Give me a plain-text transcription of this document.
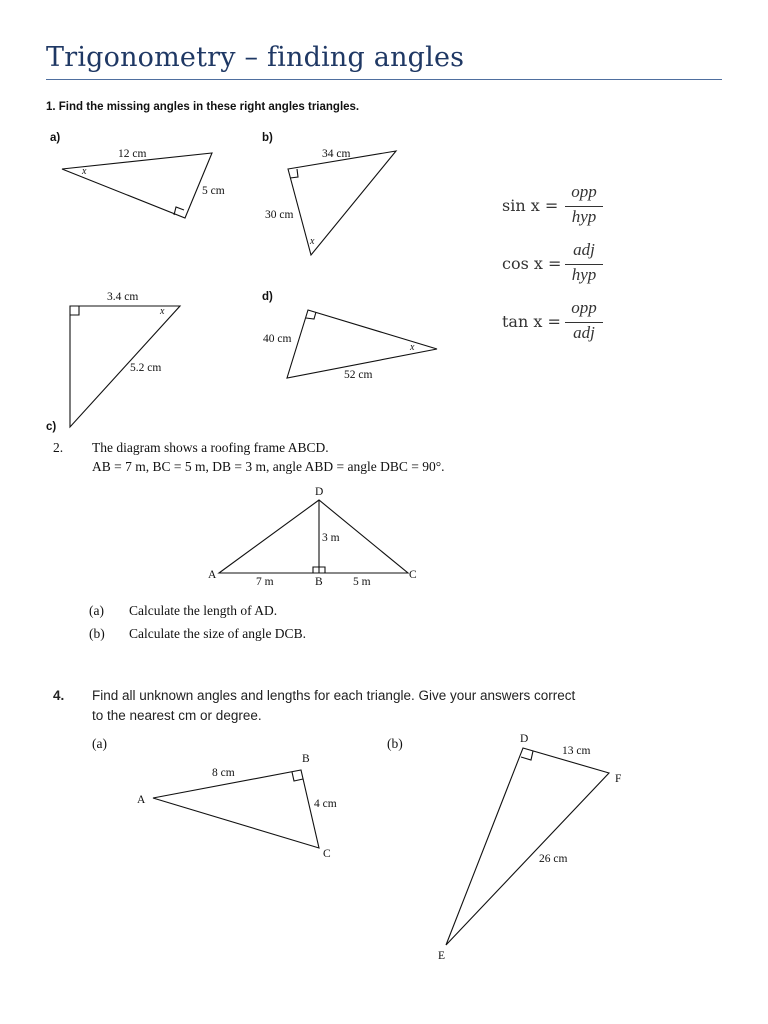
Trigonometry – finding angles
1. Find the missing angles in these right angles triangles.
a)	b)
c)
d)
12 cm
5 cm
x
34 cm
30 cm
x
3.4 cm
5.2 cm
x
40 cm
52 cm
x
D
A
B
C
3 m
7 m	5 m
A
B
C
8 cm
4 cm
D
E
F
13 cm
26 cm
sin x =
opp
hyp
cos x =
adj
hyp
tan x =
opp
adj
2. The diagram shows a roofing frame ABCD.
AB = 7 m, BC = 5 m, DB = 3 m, angle ABD = angle DBC = 90°.
(a) Calculate the length of AD.
(b) Calculate the size of angle DCB.
4. Find all unknown angles and lengths for each triangle. Give your answers correct
to the nearest cm or degree.
(a)	(b)
